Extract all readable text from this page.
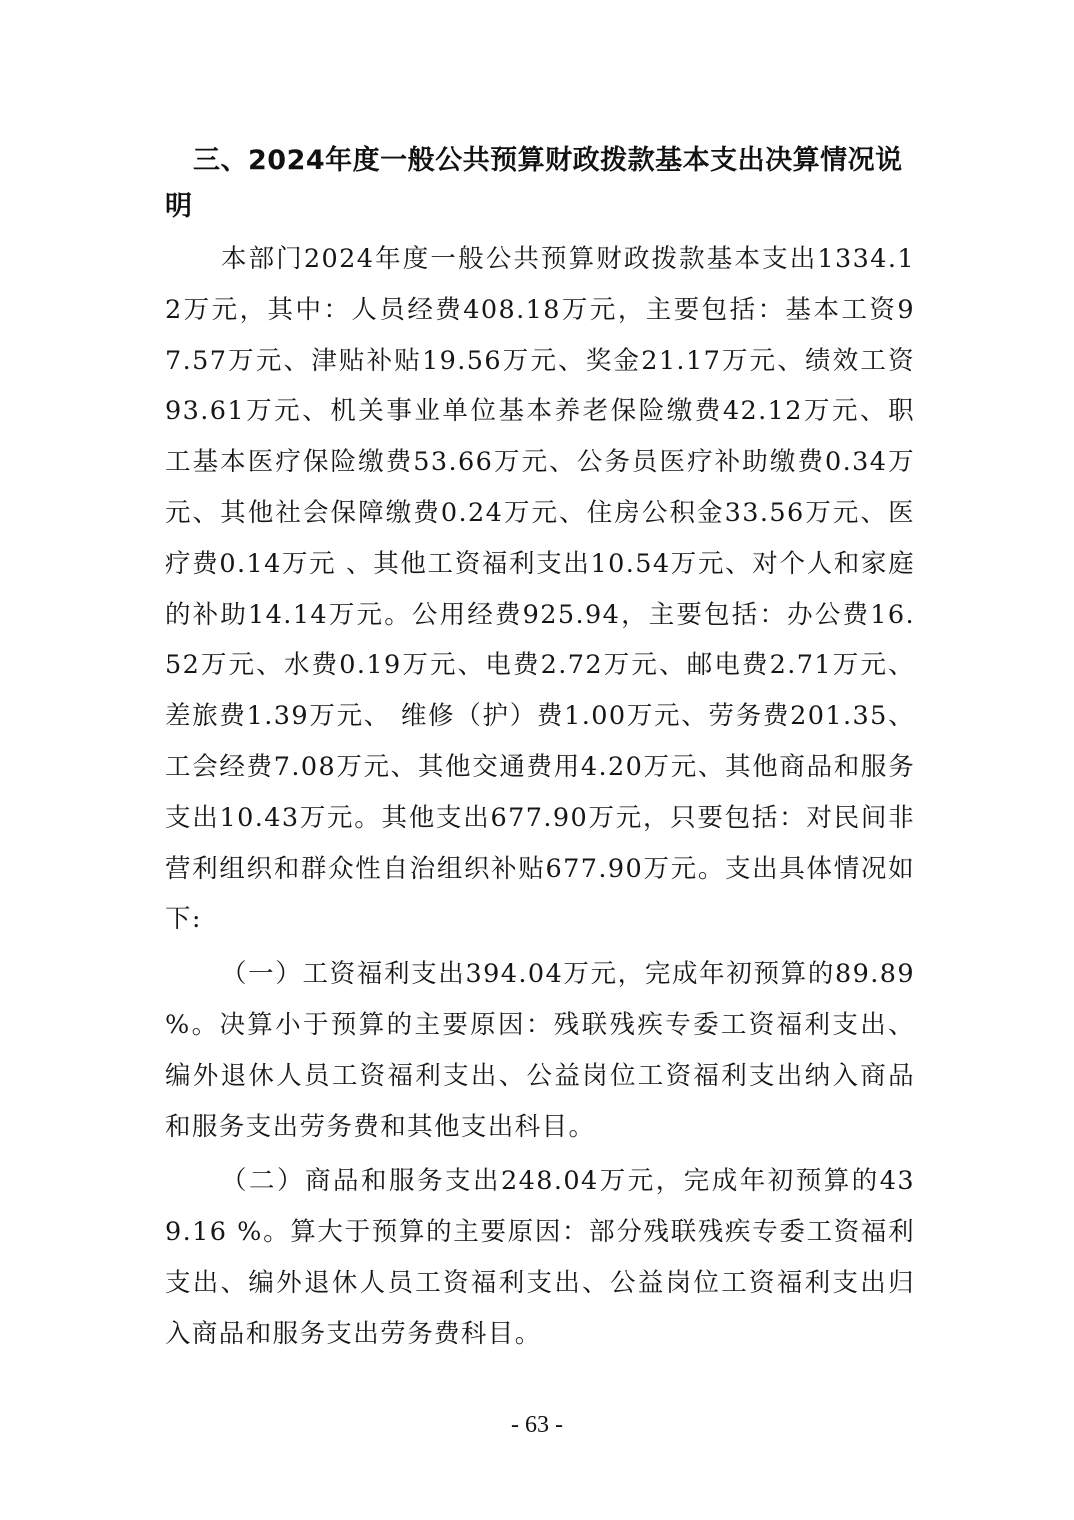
三、2024年度一般公共预算财政拨款基本支出决算情况说明

本部门2024年度一般公共预算财政拨款基本支出1334.12万元，其中：人员经费408.18万元，主要包括：基本工资97.57万元、津贴补贴19.56万元、奖金21.17万元、绩效工资93.61万元、机关事业单位基本养老保险缴费42.12万元、职工基本医疗保险缴费53.66万元、公务员医疗补助缴费0.34万元、其他社会保障缴费0.24万元、住房公积金33.56万元、医疗费0.14万元 、其他工资福利支出10.54万元、对个人和家庭的补助14.14万元。公用经费925.94，主要包括：办公费16.52万元、水费0.19万元、电费2.72万元、邮电费2.71万元、差旅费1.39万元、 维修（护）费1.00万元、劳务费201.35、工会经费7.08万元、其他交通费用4.20万元、其他商品和服务支出10.43万元。其他支出677.90万元，只要包括：对民间非营利组织和群众性自治组织补贴677.90万元。支出具体情况如下:

（一）工资福利支出394.04万元，完成年初预算的89.89 %。决算小于预算的主要原因：残联残疾专委工资福利支出、编外退休人员工资福利支出、公益岗位工资福利支出纳入商品和服务支出劳务费和其他支出科目。

（二）商品和服务支出248.04万元，完成年初预算的439.16 %。算大于预算的主要原因：部分残联残疾专委工资福利支出、编外退休人员工资福利支出、公益岗位工资福利支出归入商品和服务支出劳务费科目。

- 63 -
